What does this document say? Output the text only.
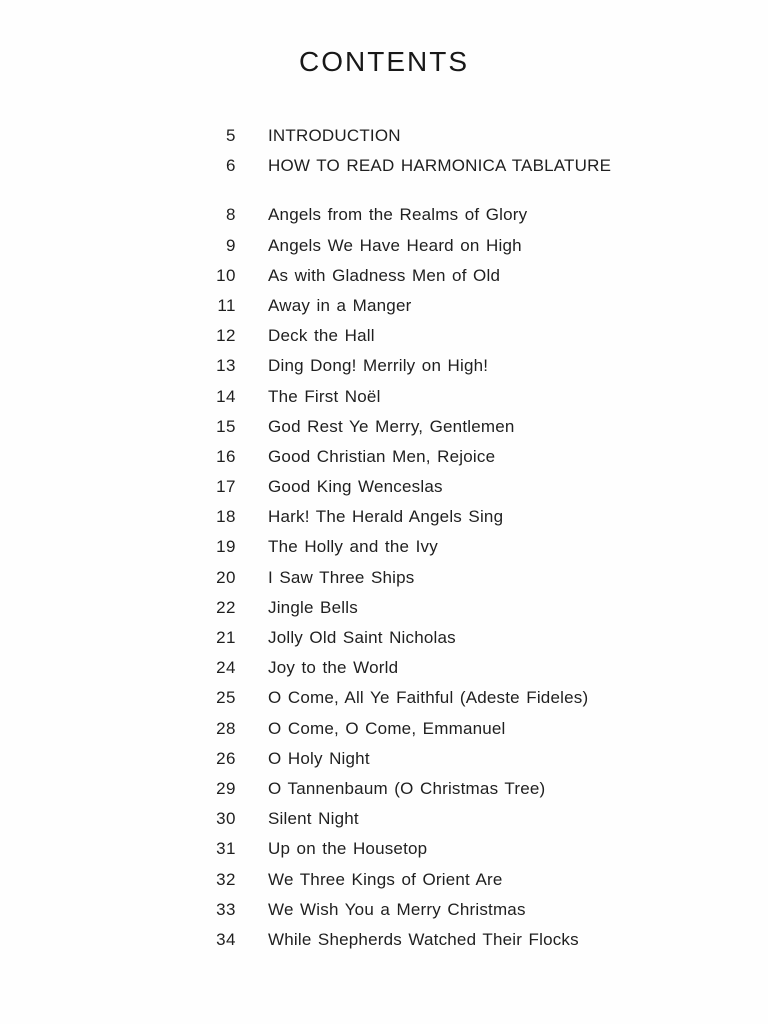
CONTENTS
5 INTRODUCTION
6 HOW TO READ HARMONICA TABLATURE
8 Angels from the Realms of Glory
9 Angels We Have Heard on High
10 As with Gladness Men of Old
11 Away in a Manger
12 Deck the Hall
13 Ding Dong! Merrily on High!
14 The First Noël
15 God Rest Ye Merry, Gentlemen
16 Good Christian Men, Rejoice
17 Good King Wenceslas
18 Hark! The Herald Angels Sing
19 The Holly and the Ivy
20 I Saw Three Ships
22 Jingle Bells
21 Jolly Old Saint Nicholas
24 Joy to the World
25 O Come, All Ye Faithful (Adeste Fideles)
28 O Come, O Come, Emmanuel
26 O Holy Night
29 O Tannenbaum (O Christmas Tree)
30 Silent Night
31 Up on the Housetop
32 We Three Kings of Orient Are
33 We Wish You a Merry Christmas
34 While Shepherds Watched Their Flocks
